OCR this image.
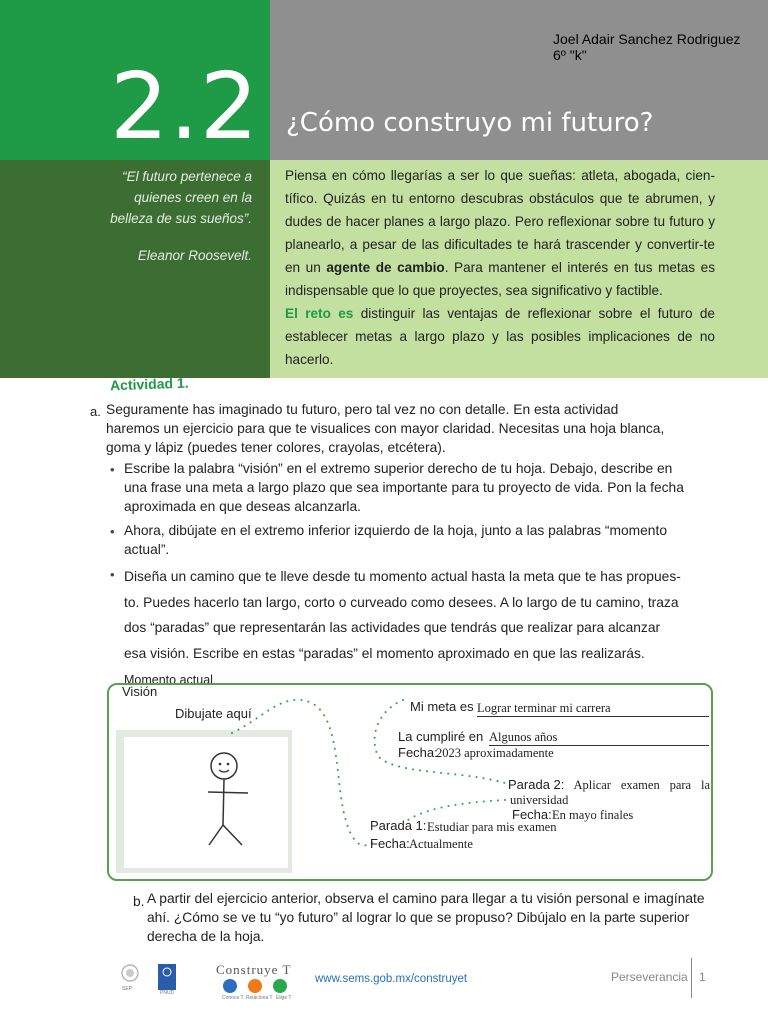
2.2 ¿Cómo construyo mi futuro?
Joel Adair Sanchez Rodriguez
6º "k"
“El futuro pertenece a quienes creen en la belleza de sus sueños”.
Eleanor Roosevelt.
Piensa en cómo llegarías a ser lo que sueñas: atleta, abogada, cien-tífico. Quizás en tu entorno descubras obstáculos que te abrumen, y dudes de hacer planes a largo plazo. Pero reflexionar sobre tu futuro y planearlo, a pesar de las dificultades te hará trascender y convertir-te en un agente de cambio. Para mantener el interés en tus metas es indispensable que lo que proyectes, sea significativo y factible.
El reto es distinguir las ventajas de reflexionar sobre el futuro de establecer metas a largo plazo y las posibles implicaciones de no hacerlo.
Actividad 1.
a. Seguramente has imaginado tu futuro, pero tal vez no con detalle. En esta actividad haremos un ejercicio para que te visualices con mayor claridad. Necesitas una hoja blanca, goma y lápiz (puedes tener colores, crayolas, etcétera).
• Escribe la palabra “visión” en el extremo superior derecho de tu hoja. Debajo, describe en una frase una meta a largo plazo que sea importante para tu proyecto de vida. Pon la fecha aproximada en que deseas alcanzarla.
• Ahora, dibújate en el extremo inferior izquierdo de la hoja, junto a las palabras “momento actual”.
• Diseña un camino que te lleve desde tu momento actual hasta la meta que te has propues-to. Puedes hacerlo tan largo, corto o curveado como desees. A lo largo de tu camino, traza dos “paradas” que representarán las actividades que tendrás que realizar para alcanzar esa visión. Escribe en estas “paradas” el momento aproximado en que las realizarás. Momento actual
Visión
Dibujate aquí	Mi meta es Lograr terminar mi carrera
La cumpliré en Algunos años
Fecha:
2023 aproximadamente
Parada 2: Aplicar examen para la universidad
Fecha: En mayo finales
Parada 1: Estudiar para mis examen
Fecha: Actualmente
b. A partir del ejercicio anterior, observa el camino para llegar a tu visión personal e imagínate ahí. ¿Cómo se ve tu “yo futuro” al lograr lo que se propuso? Dibújalo en la parte superior derecha de la hoja.
SEP
PNUD
Construye T
Conoce T Relaciona T Elige T
www.sems.gob.mx/construyet	Perseverancia 1
